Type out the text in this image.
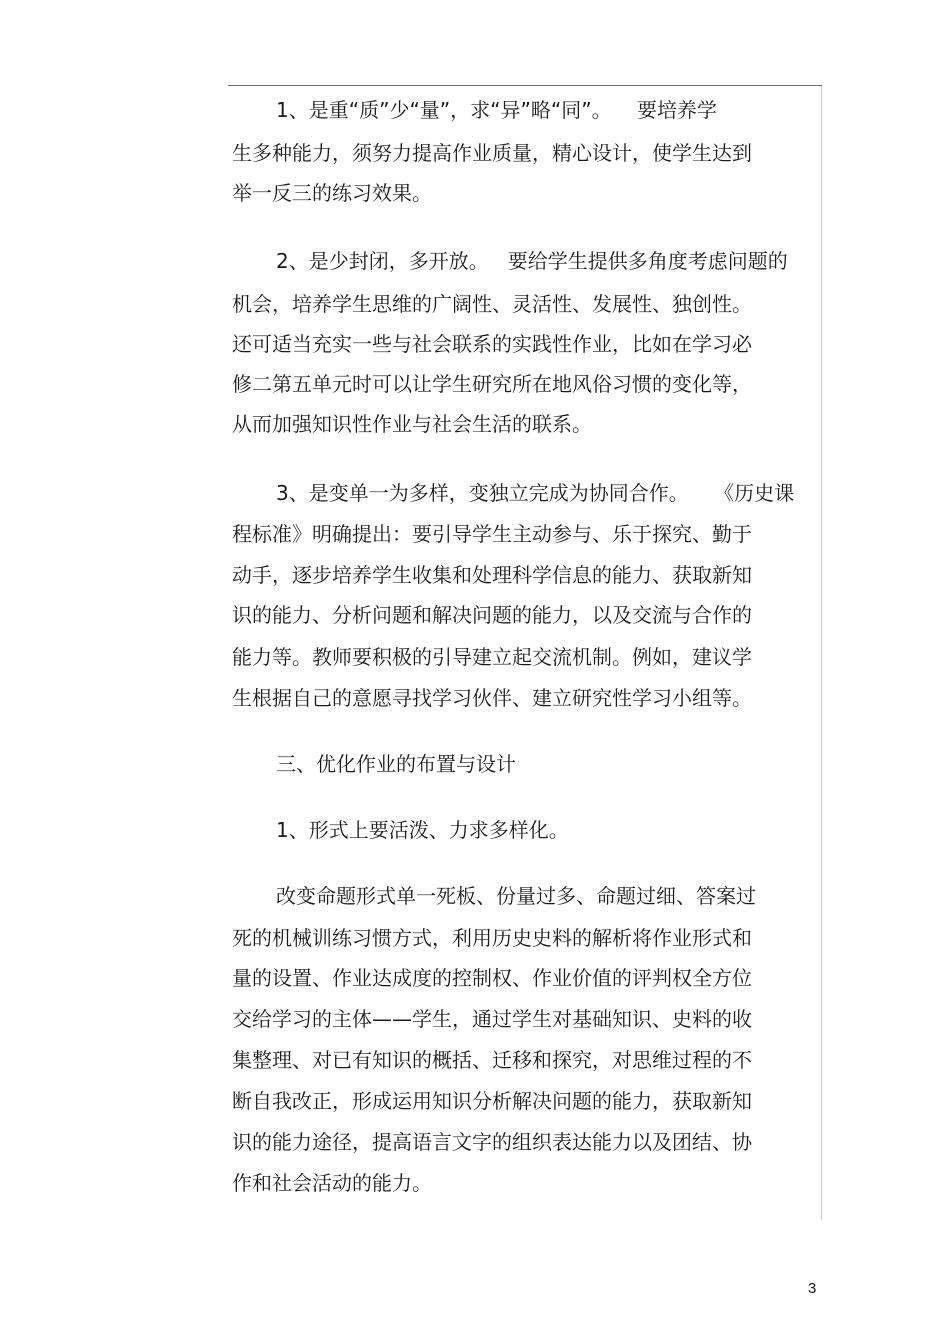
1、是重“质”少“量”，求“异”略“同”。    要培养学

生多种能力，须努力提高作业质量，精心设计，使学生达到

举一反三的练习效果。

2、是少封闭，多开放。   要给学生提供多角度考虑问题的

机会，培养学生思维的广阔性、灵活性、发展性、独创性。

还可适当充实一些与社会联系的实践性作业，比如在学习必

修二第五单元时可以让学生研究所在地风俗习惯的变化等，

从而加强知识性作业与社会生活的联系。

3、是变单一为多样，变独立完成为协同合作。    《历史课

程标准》明确提出：要引导学生主动参与、乐于探究、勤于

动手，逐步培养学生收集和处理科学信息的能力、获取新知

识的能力、分析问题和解决问题的能力，以及交流与合作的

能力等。教师要积极的引导建立起交流机制。例如，建议学

生根据自己的意愿寻找学习伙伴、建立研究性学习小组等。

三、优化作业的布置与设计

1、形式上要活泼、力求多样化。

改变命题形式单一死板、份量过多、命题过细、答案过

死的机械训练习惯方式，利用历史史料的解析将作业形式和

量的设置、作业达成度的控制权、作业价值的评判权全方位

交给学习的主体——学生，通过学生对基础知识、史料的收

集整理、对已有知识的概括、迁移和探究，对思维过程的不

断自我改正，形成运用知识分析解决问题的能力，获取新知

识的能力途径，提高语言文字的组织表达能力以及团结、协

作和社会活动的能力。

3
